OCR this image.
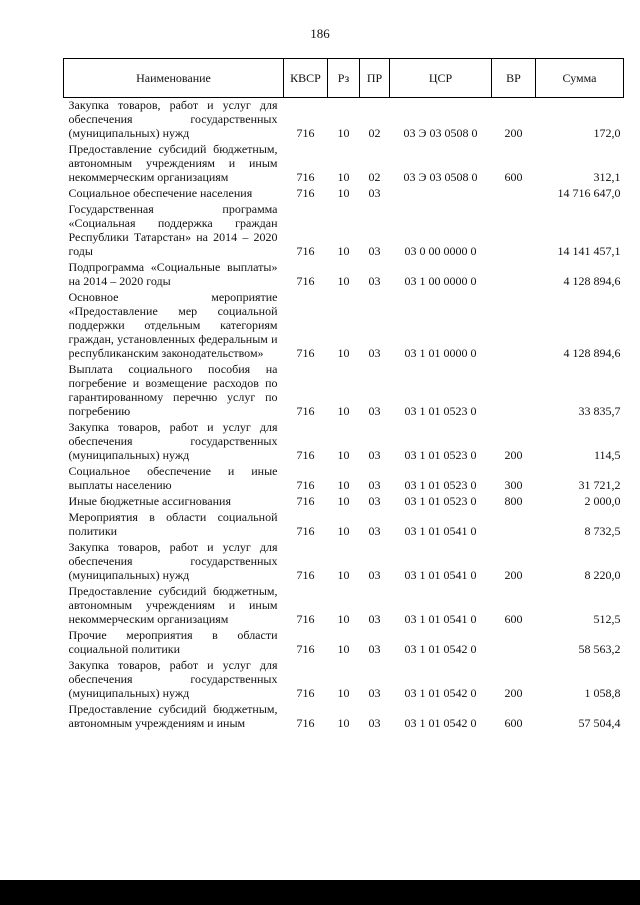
186
Наименование	КВСР	Рз	ПР	ЦСР	ВР	Сумма
Закупка товаров, работ и услуг для обеспечения государственных (муниципальных) нужд	716	10	02	03 Э 03 0508 0	200	172,0
Предоставление субсидий бюджетным, автономным учреждениям и иным некоммерческим организациям	716	10	02	03 Э 03 0508 0	600	312,1
Социальное обеспечение населения	716	10	03			14 716 647,0
Государственная программа «Социальная поддержка граждан Республики Татарстан» на 2014 – 2020 годы	716	10	03	03 0 00 0000 0		14 141 457,1
Подпрограмма «Социальные выплаты» на 2014 – 2020 годы	716	10	03	03 1 00 0000 0		4 128 894,6
Основное мероприятие «Предоставление мер социальной поддержки отдельным категориям граждан, установленных федеральным и республиканским законодательством»	716	10	03	03 1 01 0000 0		4 128 894,6
Выплата социального пособия на погребение и возмещение расходов по гарантированному перечню услуг по погребению	716	10	03	03 1 01 0523 0		33 835,7
Закупка товаров, работ и услуг для обеспечения государственных (муниципальных) нужд	716	10	03	03 1 01 0523 0	200	114,5
Социальное обеспечение и иные выплаты населению	716	10	03	03 1 01 0523 0	300	31 721,2
Иные бюджетные ассигнования	716	10	03	03 1 01 0523 0	800	2 000,0
Мероприятия в области социальной политики	716	10	03	03 1 01 0541 0		8 732,5
Закупка товаров, работ и услуг для обеспечения государственных (муниципальных) нужд	716	10	03	03 1 01 0541 0	200	8 220,0
Предоставление субсидий бюджетным, автономным учреждениям и иным некоммерческим организациям	716	10	03	03 1 01 0541 0	600	512,5
Прочие мероприятия в области социальной политики	716	10	03	03 1 01 0542 0		58 563,2
Закупка товаров, работ и услуг для обеспечения государственных (муниципальных) нужд	716	10	03	03 1 01 0542 0	200	1 058,8
Предоставление субсидий бюджетным, автономным учреждениям и иным	716	10	03	03 1 01 0542 0	600	57 504,4
